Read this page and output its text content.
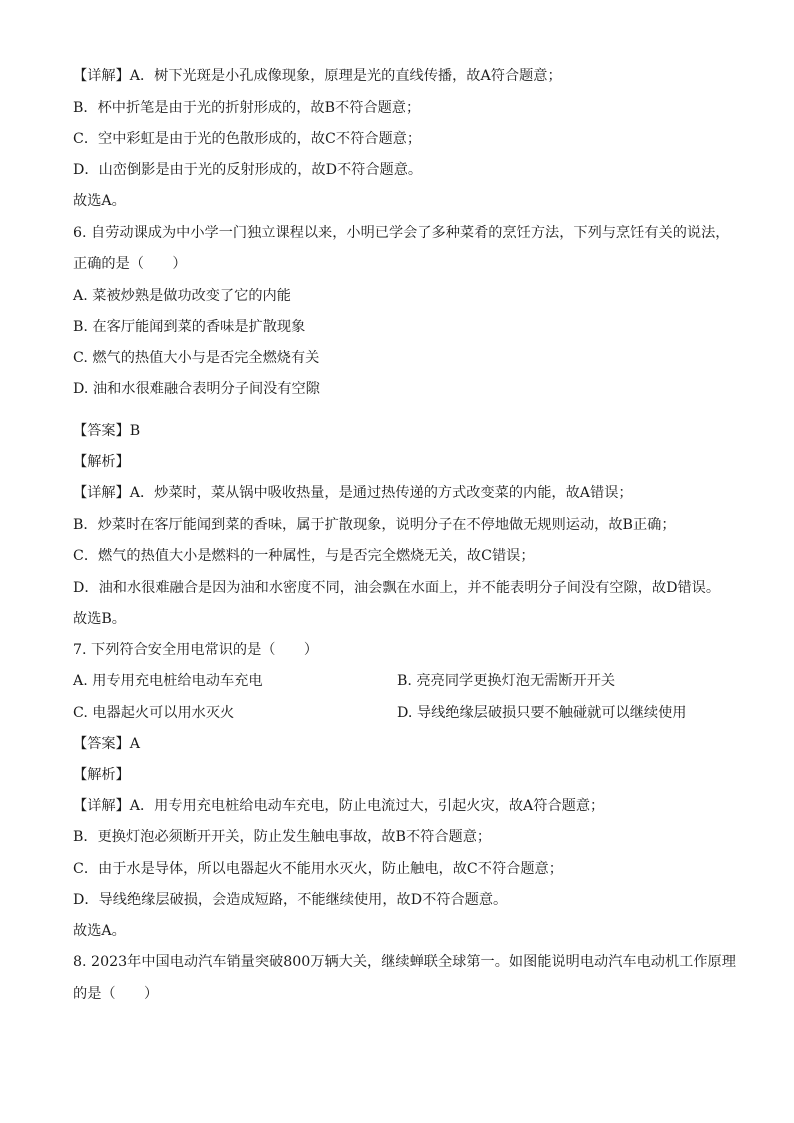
【详解】A．树下光斑是小孔成像现象，原理是光的直线传播，故A符合题意；
B．杯中折笔是由于光的折射形成的，故B不符合题意；
C．空中彩虹是由于光的色散形成的，故C不符合题意；
D．山峦倒影是由于光的反射形成的，故D不符合题意。
故选A。
6. 自劳动课成为中小学一门独立课程以来，小明已学会了多种菜肴的烹饪方法，下列与烹饪有关的说法，
正确的是（　　）
A. 菜被炒熟是做功改变了它的内能
B. 在客厅能闻到菜的香味是扩散现象
C. 燃气的热值大小与是否完全燃烧有关
D. 油和水很难融合表明分子间没有空隙
【答案】B
【解析】
【详解】A．炒菜时，菜从锅中吸收热量，是通过热传递的方式改变菜的内能，故A错误；
B．炒菜时在客厅能闻到菜的香味，属于扩散现象，说明分子在不停地做无规则运动，故B正确；
C．燃气的热值大小是燃料的一种属性，与是否完全燃烧无关，故C错误；
D．油和水很难融合是因为油和水密度不同，油会飘在水面上，并不能表明分子间没有空隙，故D错误。
故选B。
7. 下列符合安全用电常识的是（　　）
A. 用专用充电桩给电动车充电	B. 亮亮同学更换灯泡无需断开开关
C. 电器起火可以用水灭火	D. 导线绝缘层破损只要不触碰就可以继续使用
【答案】A
【解析】
【详解】A．用专用充电桩给电动车充电，防止电流过大，引起火灾，故A符合题意；
B．更换灯泡必须断开开关，防止发生触电事故，故B不符合题意；
C．由于水是导体，所以电器起火不能用水灭火，防止触电，故C不符合题意；
D．导线绝缘层破损，会造成短路，不能继续使用，故D不符合题意。
故选A。
8. 2023年中国电动汽车销量突破800万辆大关，继续蝉联全球第一。如图能说明电动汽车电动机工作原理
的是（　　）
